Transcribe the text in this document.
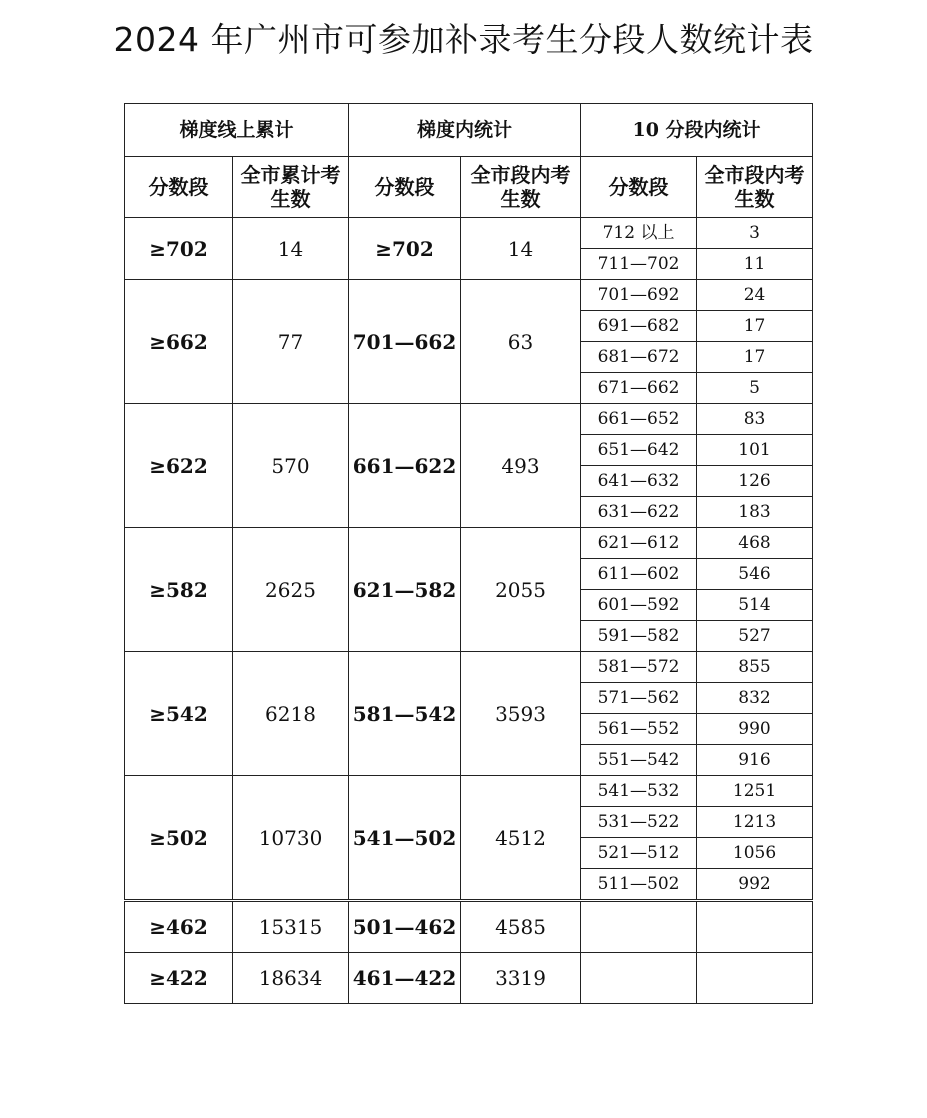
2024 年广州市可参加补录考生分段人数统计表
梯度线上累计		梯度内统计		10 分段内统计	
分数段	全市累计考生数	分数段	全市段内考生数	分数段	全市段内考生数
≥702	14	≥702	14	712 以上	3
				711—702	11
≥662	77	701—662	63	701—692	24
				691—682	17
				681—672	17
				671—662	5
≥622	570	661—622	493	661—652	83
				651—642	101
				641—632	126
				631—622	183
≥582	2625	621—582	2055	621—612	468
				611—602	546
				601—592	514
				591—582	527
≥542	6218	581—542	3593	581—572	855
				571—562	832
				561—552	990
				551—542	916
≥502	10730	541—502	4512	541—532	1251
				531—522	1213
				521—512	1056
				511—502	992
≥462	15315	501—462	4585		
≥422	18634	461—422	3319		
